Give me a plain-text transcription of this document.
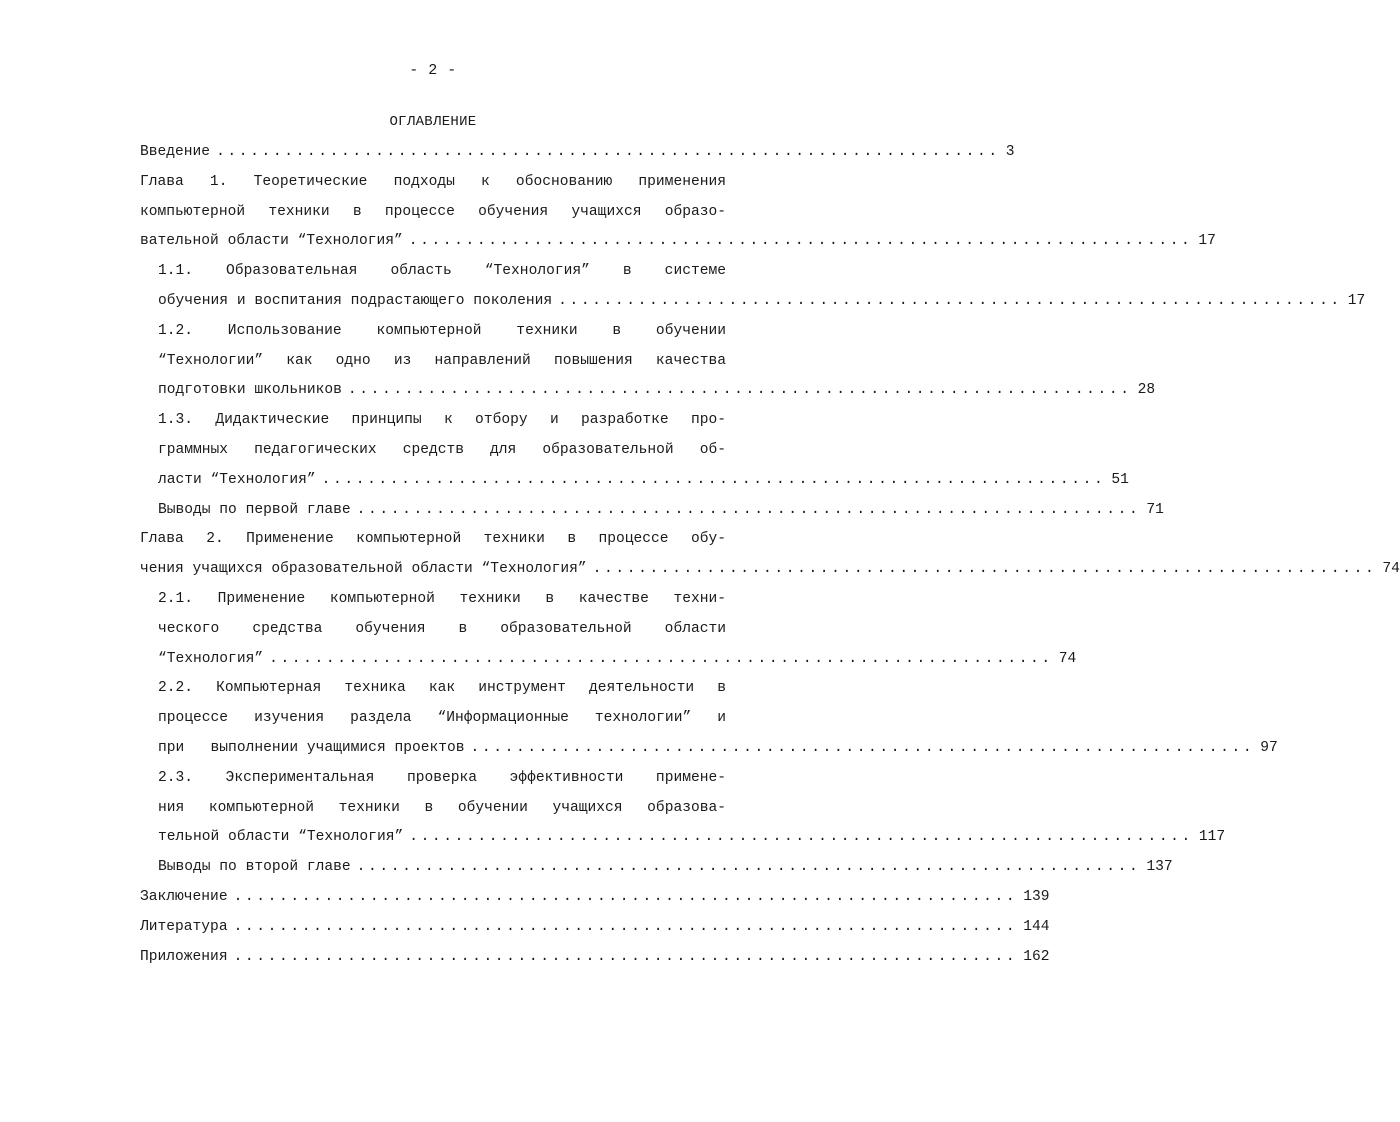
- 2 -
ОГЛАВЛЕНИЕ
Введение ..................................................................... 3
Глава 1. Теоретические подходы к обоснованию применения
компьютерной техники в процессе обучения учащихся образо-
вательной области “Технология” ..................................................................... 17
1.1. Образовательная область “Технология” в системе
обучения и воспитания подрастающего поколения ..................................................................... 17
1.2. Использование компьютерной техники в обучении
“Технологии” как одно из направлений повышения качества
подготовки школьников ..................................................................... 28
1.3. Дидактические принципы к отбору и разработке про-
граммных педагогических средств для образовательной об-
ласти “Технология” ..................................................................... 51
Выводы по первой главе ..................................................................... 71
Глава 2. Применение компьютерной техники в процессе обу-
чения учащихся образовательной области “Технология” ..................................................................... 74
2.1. Применение компьютерной техники в качестве техни-
ческого средства обучения в образовательной области
“Технология” ..................................................................... 74
2.2. Компьютерная техника как инструмент деятельности в
процессе изучения раздела “Информационные технологии” и
при   выполнении учащимися проектов ..................................................................... 97
2.3. Экспериментальная проверка эффективности примене-
ния компьютерной техники в обучении учащихся образова-
тельной области “Технология” ..................................................................... 117
Выводы по второй главе ..................................................................... 137
Заключение ..................................................................... 139
Литература ..................................................................... 144
Приложения ..................................................................... 162
